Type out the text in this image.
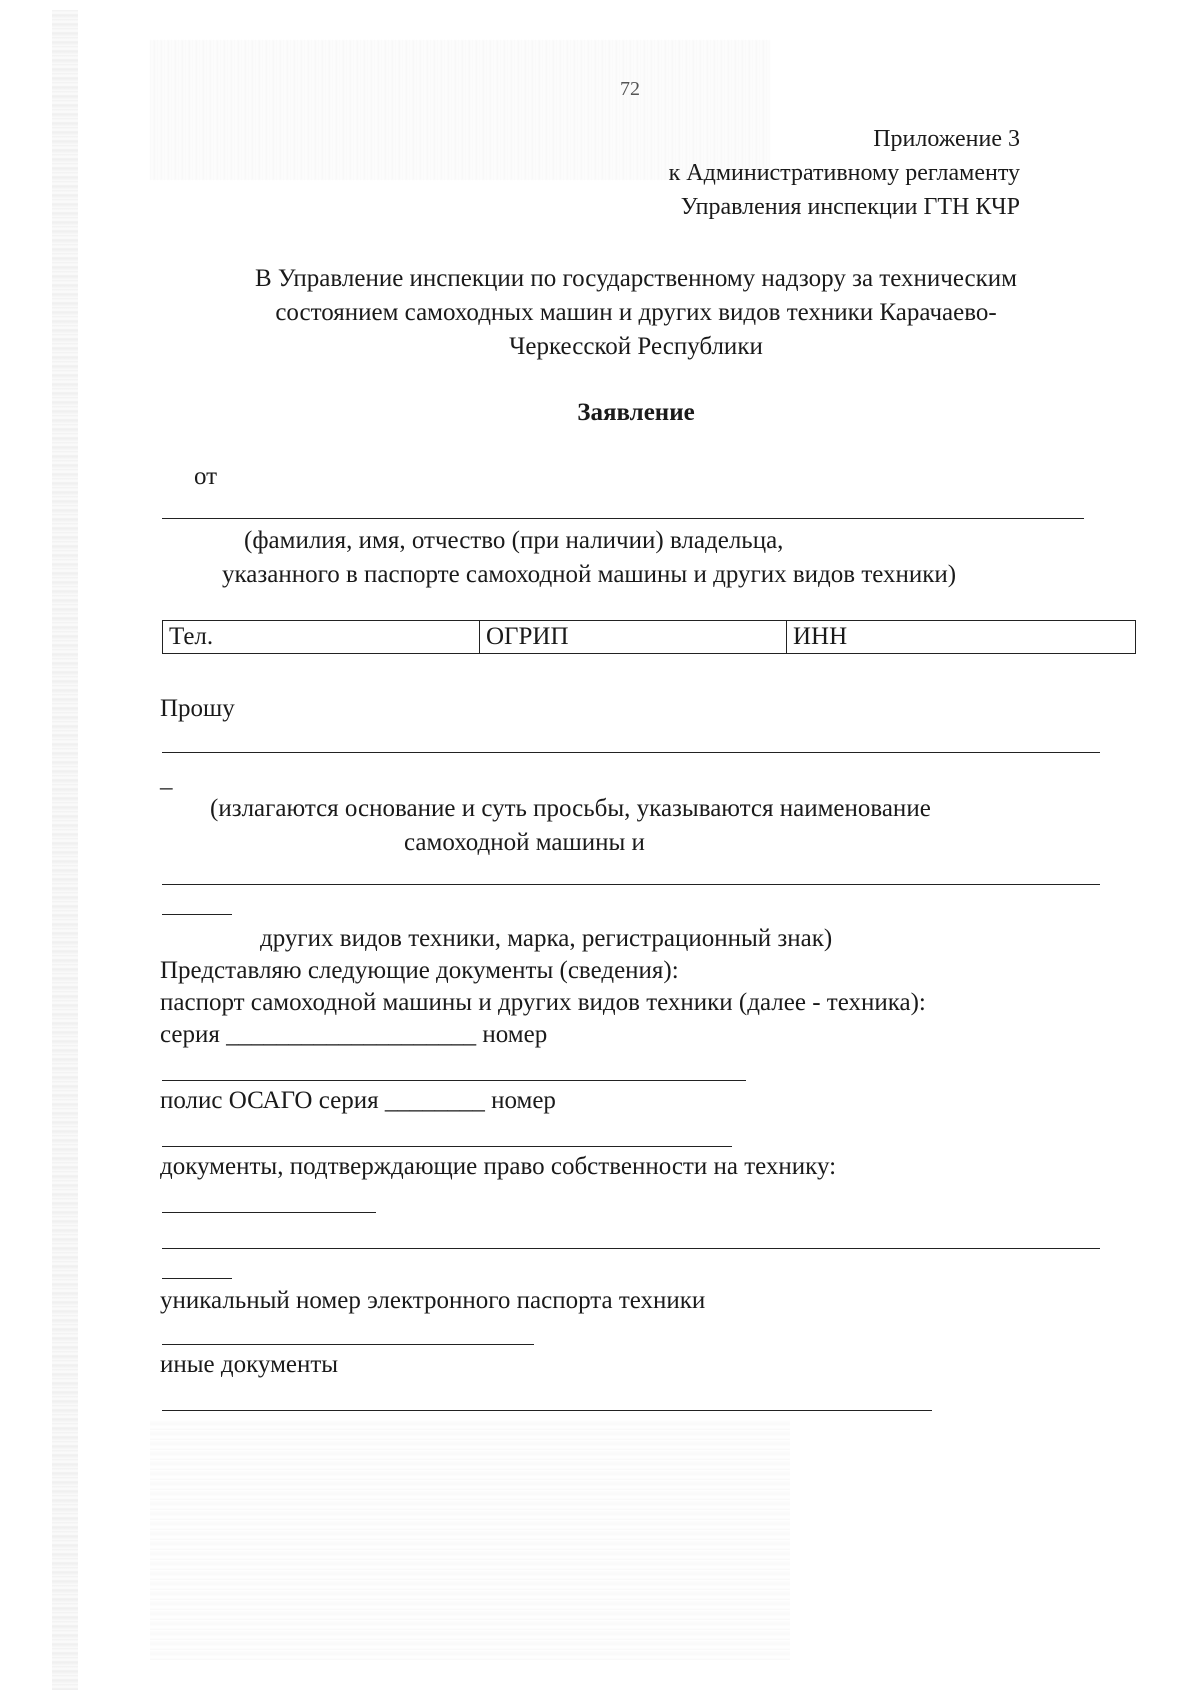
72
Приложение 3
к Административному регламенту
Управления инспекции ГТН КЧР
В Управление инспекции по государственному надзору за техническим
состоянием самоходных машин и других видов техники Карачаево-
Черкесской Республики
Заявление
от
(фамилия, имя, отчество (при наличии) владельца,
указанного в паспорте самоходной машины и других видов техники)
Тел.	ОГРИП	ИНН
Прошу
_
(излагаются основание и суть просьбы, указываются наименование
самоходной машины и
других видов техники, марка, регистрационный знак)
Представляю следующие документы (сведения):
паспорт самоходной машины и других видов техники (далее - техника):
серия ____________________ номер
полис ОСАГО серия ________ номер
документы, подтверждающие право собственности на технику:
уникальный номер электронного паспорта техники
иные документы
